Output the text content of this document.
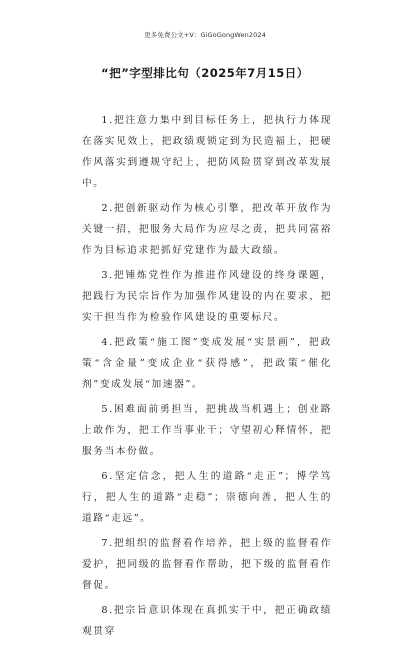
更多免费公文+V：GiGoGongWen2024
“把”字型排比句（2025年7月15日）

1.把注意力集中到目标任务上，把执行力体现在落实见效上，把政绩观锁定到为民造福上，把硬作风落实到遵规守纪上，把防风险贯穿到改革发展中。

2.把创新驱动作为核心引擎，把改革开放作为关键一招，把服务大局作为应尽之责，把共同富裕作为目标追求把抓好党建作为最大政绩。

3.把锤炼党性作为推进作风建设的终身课题，把践行为民宗旨作为加强作风建设的内在要求，把实干担当作为检验作风建设的重要标尺。

4.把政策“施工图”变成发展“实景画”，把政策“含金量”变成企业“获得感”，把政策“催化剂”变成发展“加速器”。

5.困难面前勇担当，把挑战当机遇上；创业路上敢作为，把工作当事业干；守望初心释情怀，把服务当本份做。

6.坚定信念，把人生的道路“走正”；博学笃行，把人生的道路“走稳”；崇德向善，把人生的道路“走远”。

7.把组织的监督看作培养，把上级的监督看作爱护，把同级的监督看作帮助，把下级的监督看作督促。

8.把宗旨意识体现在真抓实干中，把正确政绩观贯穿
